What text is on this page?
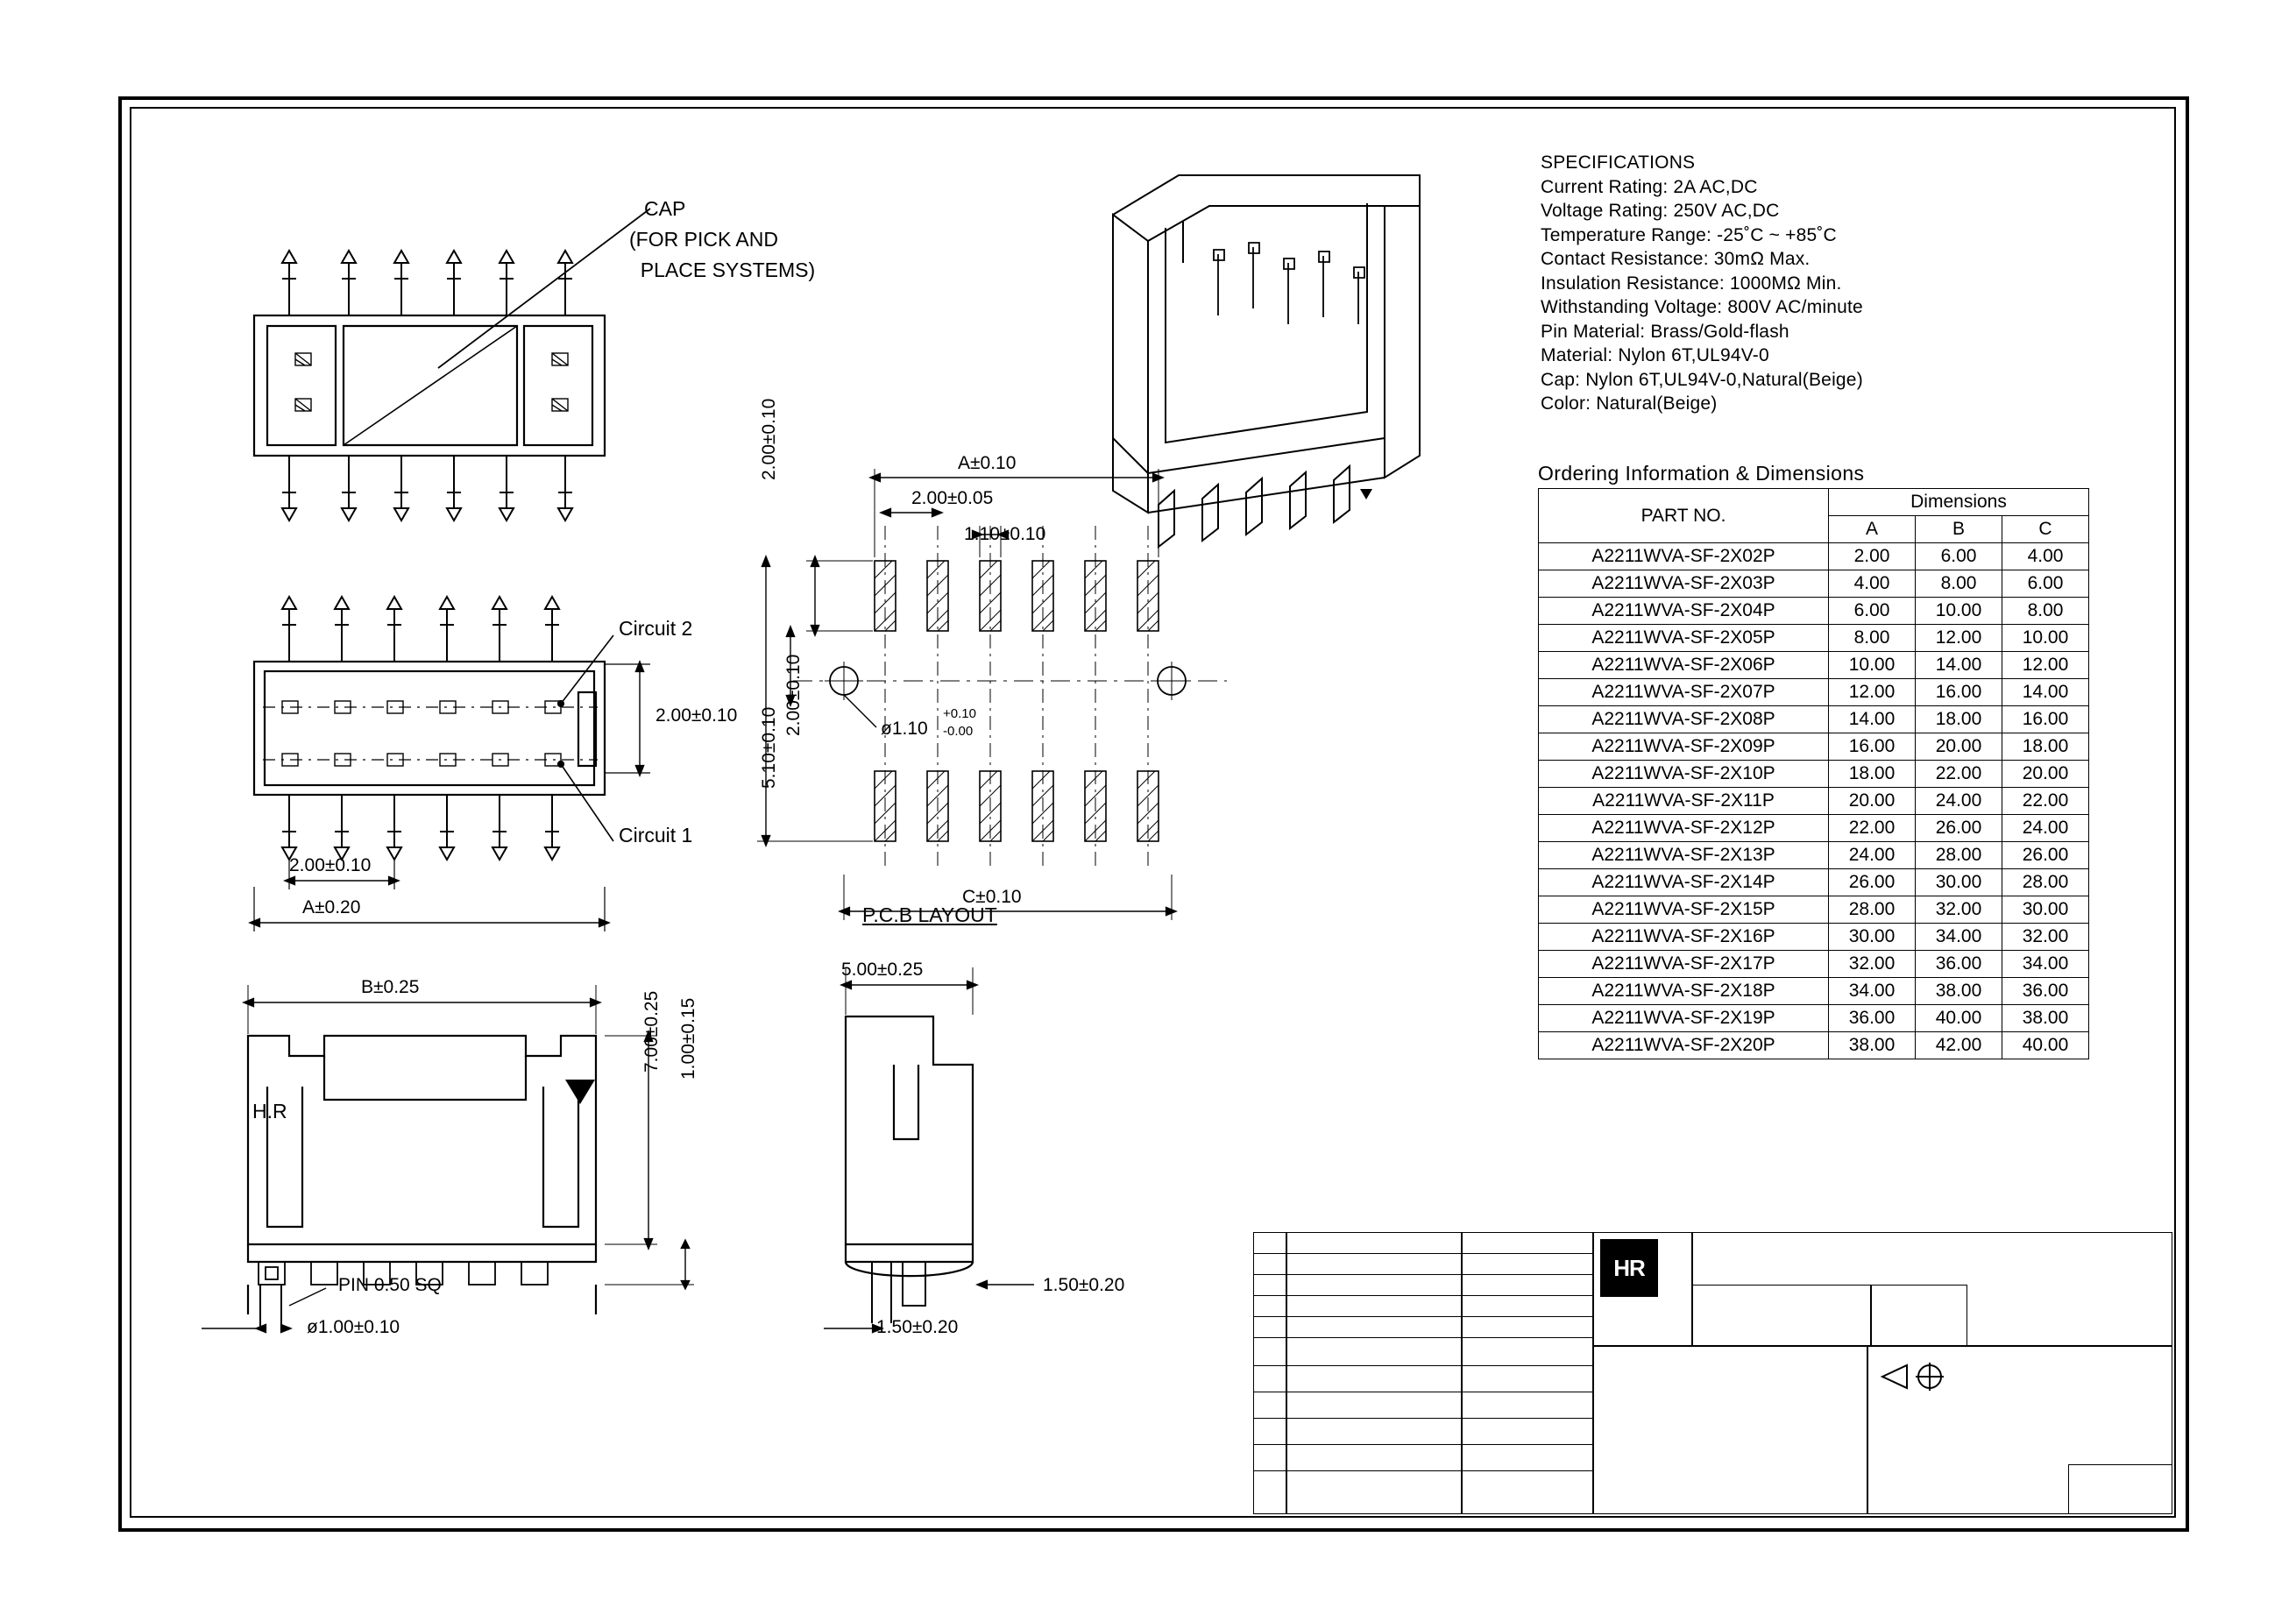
CAP
(FOR PICK AND
PLACE SYSTEMS)
Circuit 2
Circuit 1
2.00±0.10
A±0.20
2.00±0.10
A±0.10
2.00±0.05
1.10±0.10
2.00±0.10
2.00±0.10
5.10±0.10	ø1.10
+0.10
-0.00
C±0.10
P.C.B LAYOUT
B±0.25
7.00±0.25 1.00±0.15
PIN 0.50 SQ
ø1.00±0.10
H.R
5.00±0.25
1.50±0.20
1.50±0.20
SPECIFICATIONS
Current Rating: 2A AC,DC
Voltage Rating: 250V AC,DC
Temperature Range: -25˚C ~ +85˚C
Contact Resistance: 30mΩ Max.
Insulation Resistance: 1000MΩ Min.
Withstanding Voltage: 800V AC/minute
Pin Material: Brass/Gold-flash
Material: Nylon 6T,UL94V-0
Cap: Nylon 6T,UL94V-0,Natural(Beige)
Color: Natural(Beige)
Ordering Information & Dimensions
PART NO.	Dimensions		
	A	B	C
A2211WVA-SF-2X02P	2.00	6.00	4.00
A2211WVA-SF-2X03P	4.00	8.00	6.00
A2211WVA-SF-2X04P	6.00	10.00	8.00
A2211WVA-SF-2X05P	8.00	12.00	10.00
A2211WVA-SF-2X06P	10.00	14.00	12.00
A2211WVA-SF-2X07P	12.00	16.00	14.00
A2211WVA-SF-2X08P	14.00	18.00	16.00
A2211WVA-SF-2X09P	16.00	20.00	18.00
A2211WVA-SF-2X10P	18.00	22.00	20.00
A2211WVA-SF-2X11P	20.00	24.00	22.00
A2211WVA-SF-2X12P	22.00	26.00	24.00
A2211WVA-SF-2X13P	24.00	28.00	26.00
A2211WVA-SF-2X14P	26.00	30.00	28.00
A2211WVA-SF-2X15P	28.00	32.00	30.00
A2211WVA-SF-2X16P	30.00	34.00	32.00
A2211WVA-SF-2X17P	32.00	36.00	34.00
A2211WVA-SF-2X18P	34.00	38.00	36.00
A2211WVA-SF-2X19P	36.00	40.00	38.00
A2211WVA-SF-2X20P	38.00	42.00	40.00
HR
